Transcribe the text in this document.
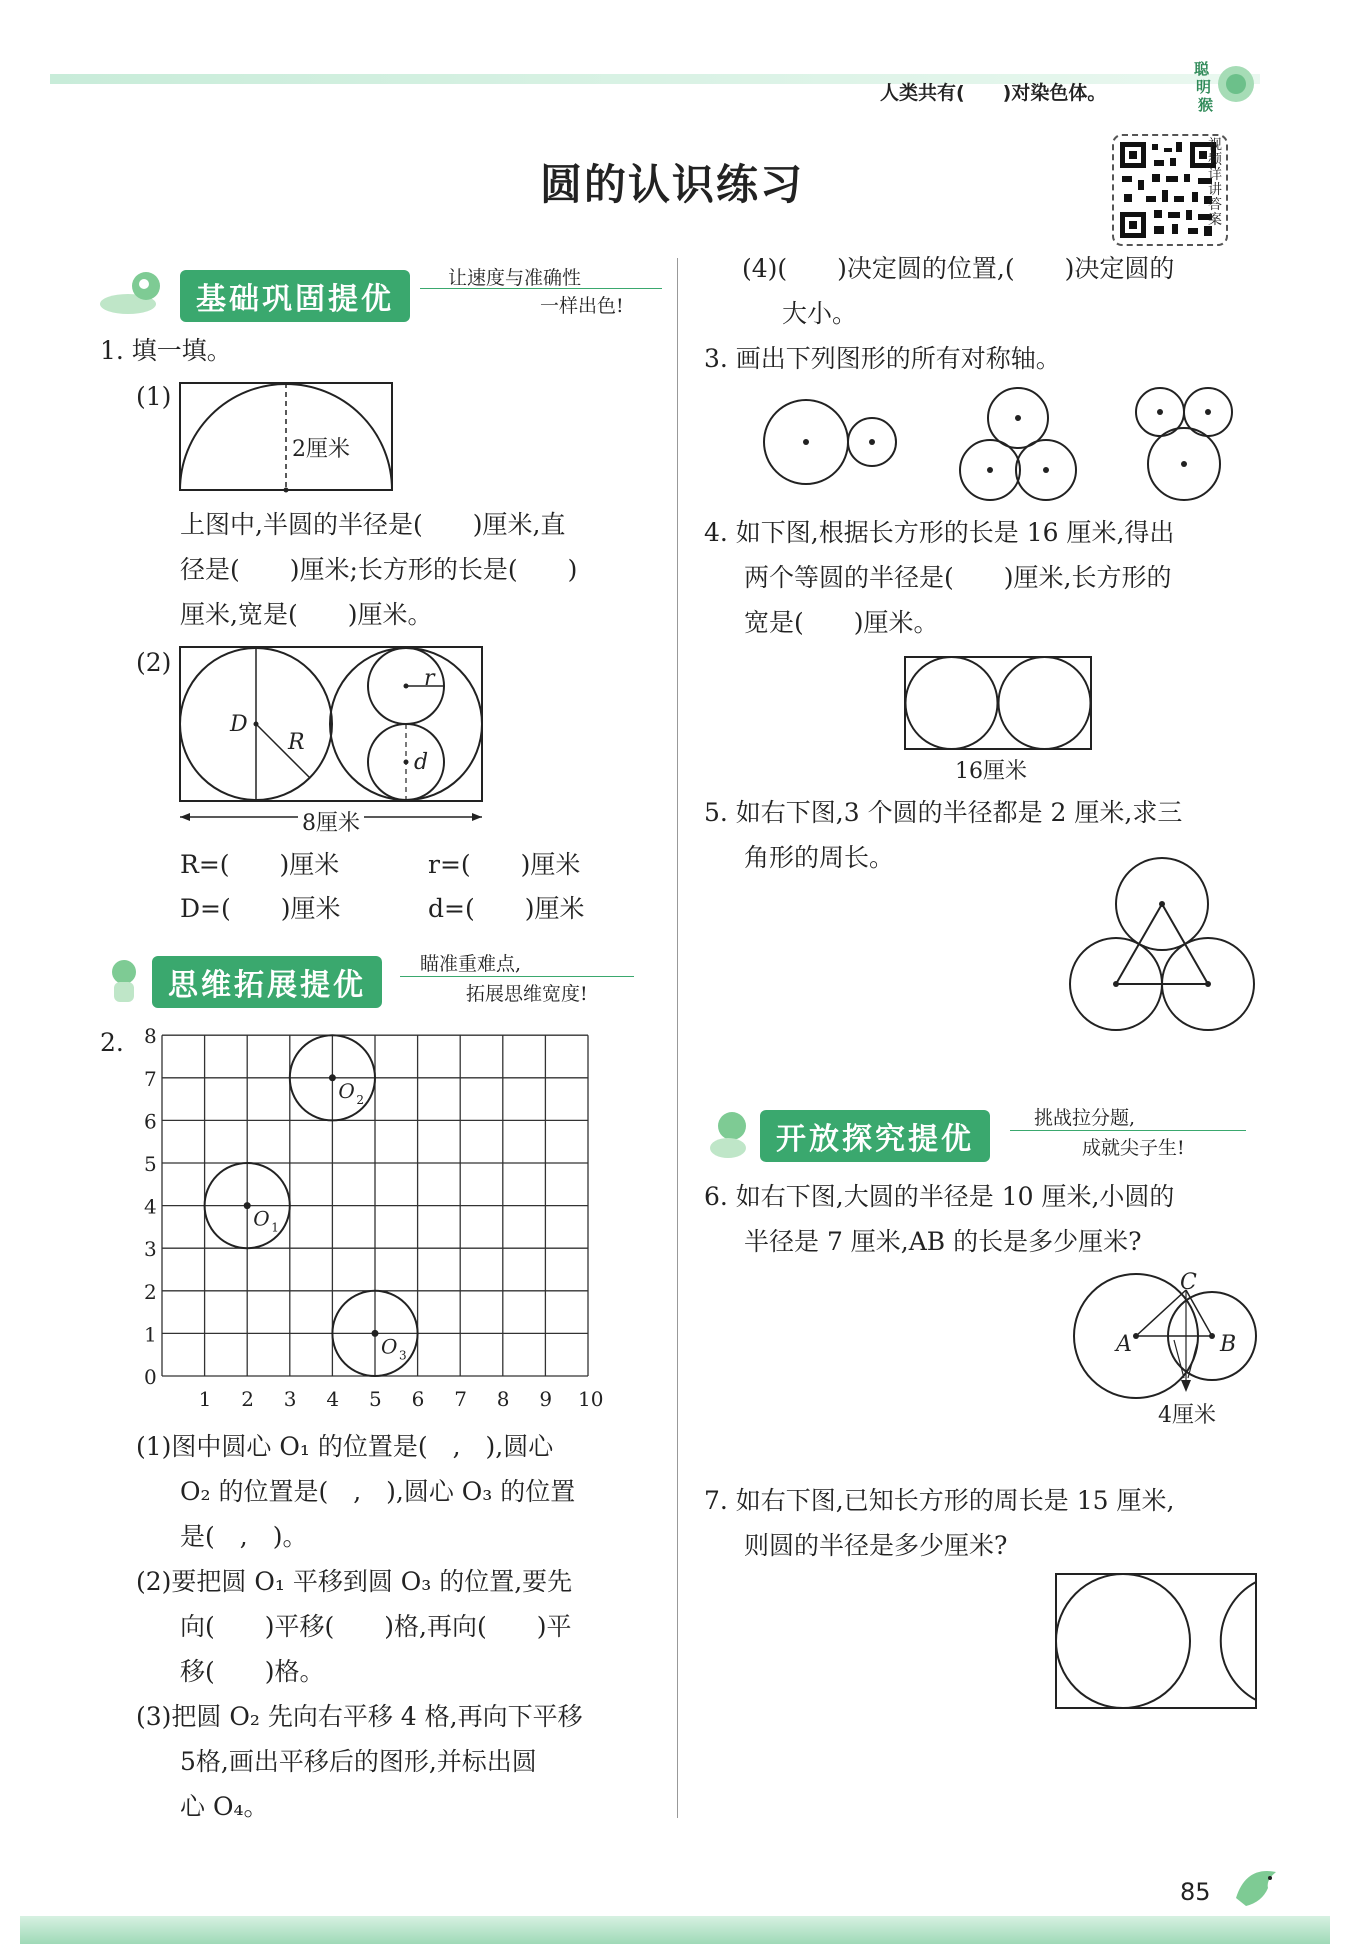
人类共有(　　)对染色体。
聪
明
猴
圆的认识练习
视频详讲答案
基础巩固提优
让速度与准确性
一样出色!
1. 填一填。
(1)
2厘米
上图中,半圆的半径是(　　)厘米,直
径是(　　)厘米;长方形的长是(　　)
厘米,宽是(　　)厘米。
(2)
D
R
r
d
8厘米
R=(　　)厘米	r=(　　)厘米
D=(　　)厘米	d=(　　)厘米
思维拓展提优
瞄准重难点,
拓展思维宽度!
2.
0
1
2
3
4
5
6
7
8
1 2 3 4 5 6 7 8 9 10
O 1
O 2
O 3
(1)图中圆心 O₁ 的位置是(　,　),圆心
O₂ 的位置是(　,　),圆心 O₃ 的位置
是(　,　)。
(2)要把圆 O₁ 平移到圆 O₃ 的位置,要先
向(　　)平移(　　)格,再向(　　)平
移(　　)格。
(3)把圆 O₂ 先向右平移 4 格,再向下平移
5格,画出平移后的图形,并标出圆
心 O₄。
(4)(　　)决定圆的位置,(　　)决定圆的
大小。
3. 画出下列图形的所有对称轴。
4. 如下图,根据长方形的长是 16 厘米,得出
两个等圆的半径是(　　)厘米,长方形的
宽是(　　)厘米。
16厘米
5. 如右下图,3 个圆的半径都是 2 厘米,求三
角形的周长。
开放探究提优
挑战拉分题,
成就尖子生!
6. 如右下图,大圆的半径是 10 厘米,小圆的
半径是 7 厘米,AB 的长是多少厘米?
A	B
C
4厘米
7. 如右下图,已知长方形的周长是 15 厘米,
则圆的半径是多少厘米?
85
